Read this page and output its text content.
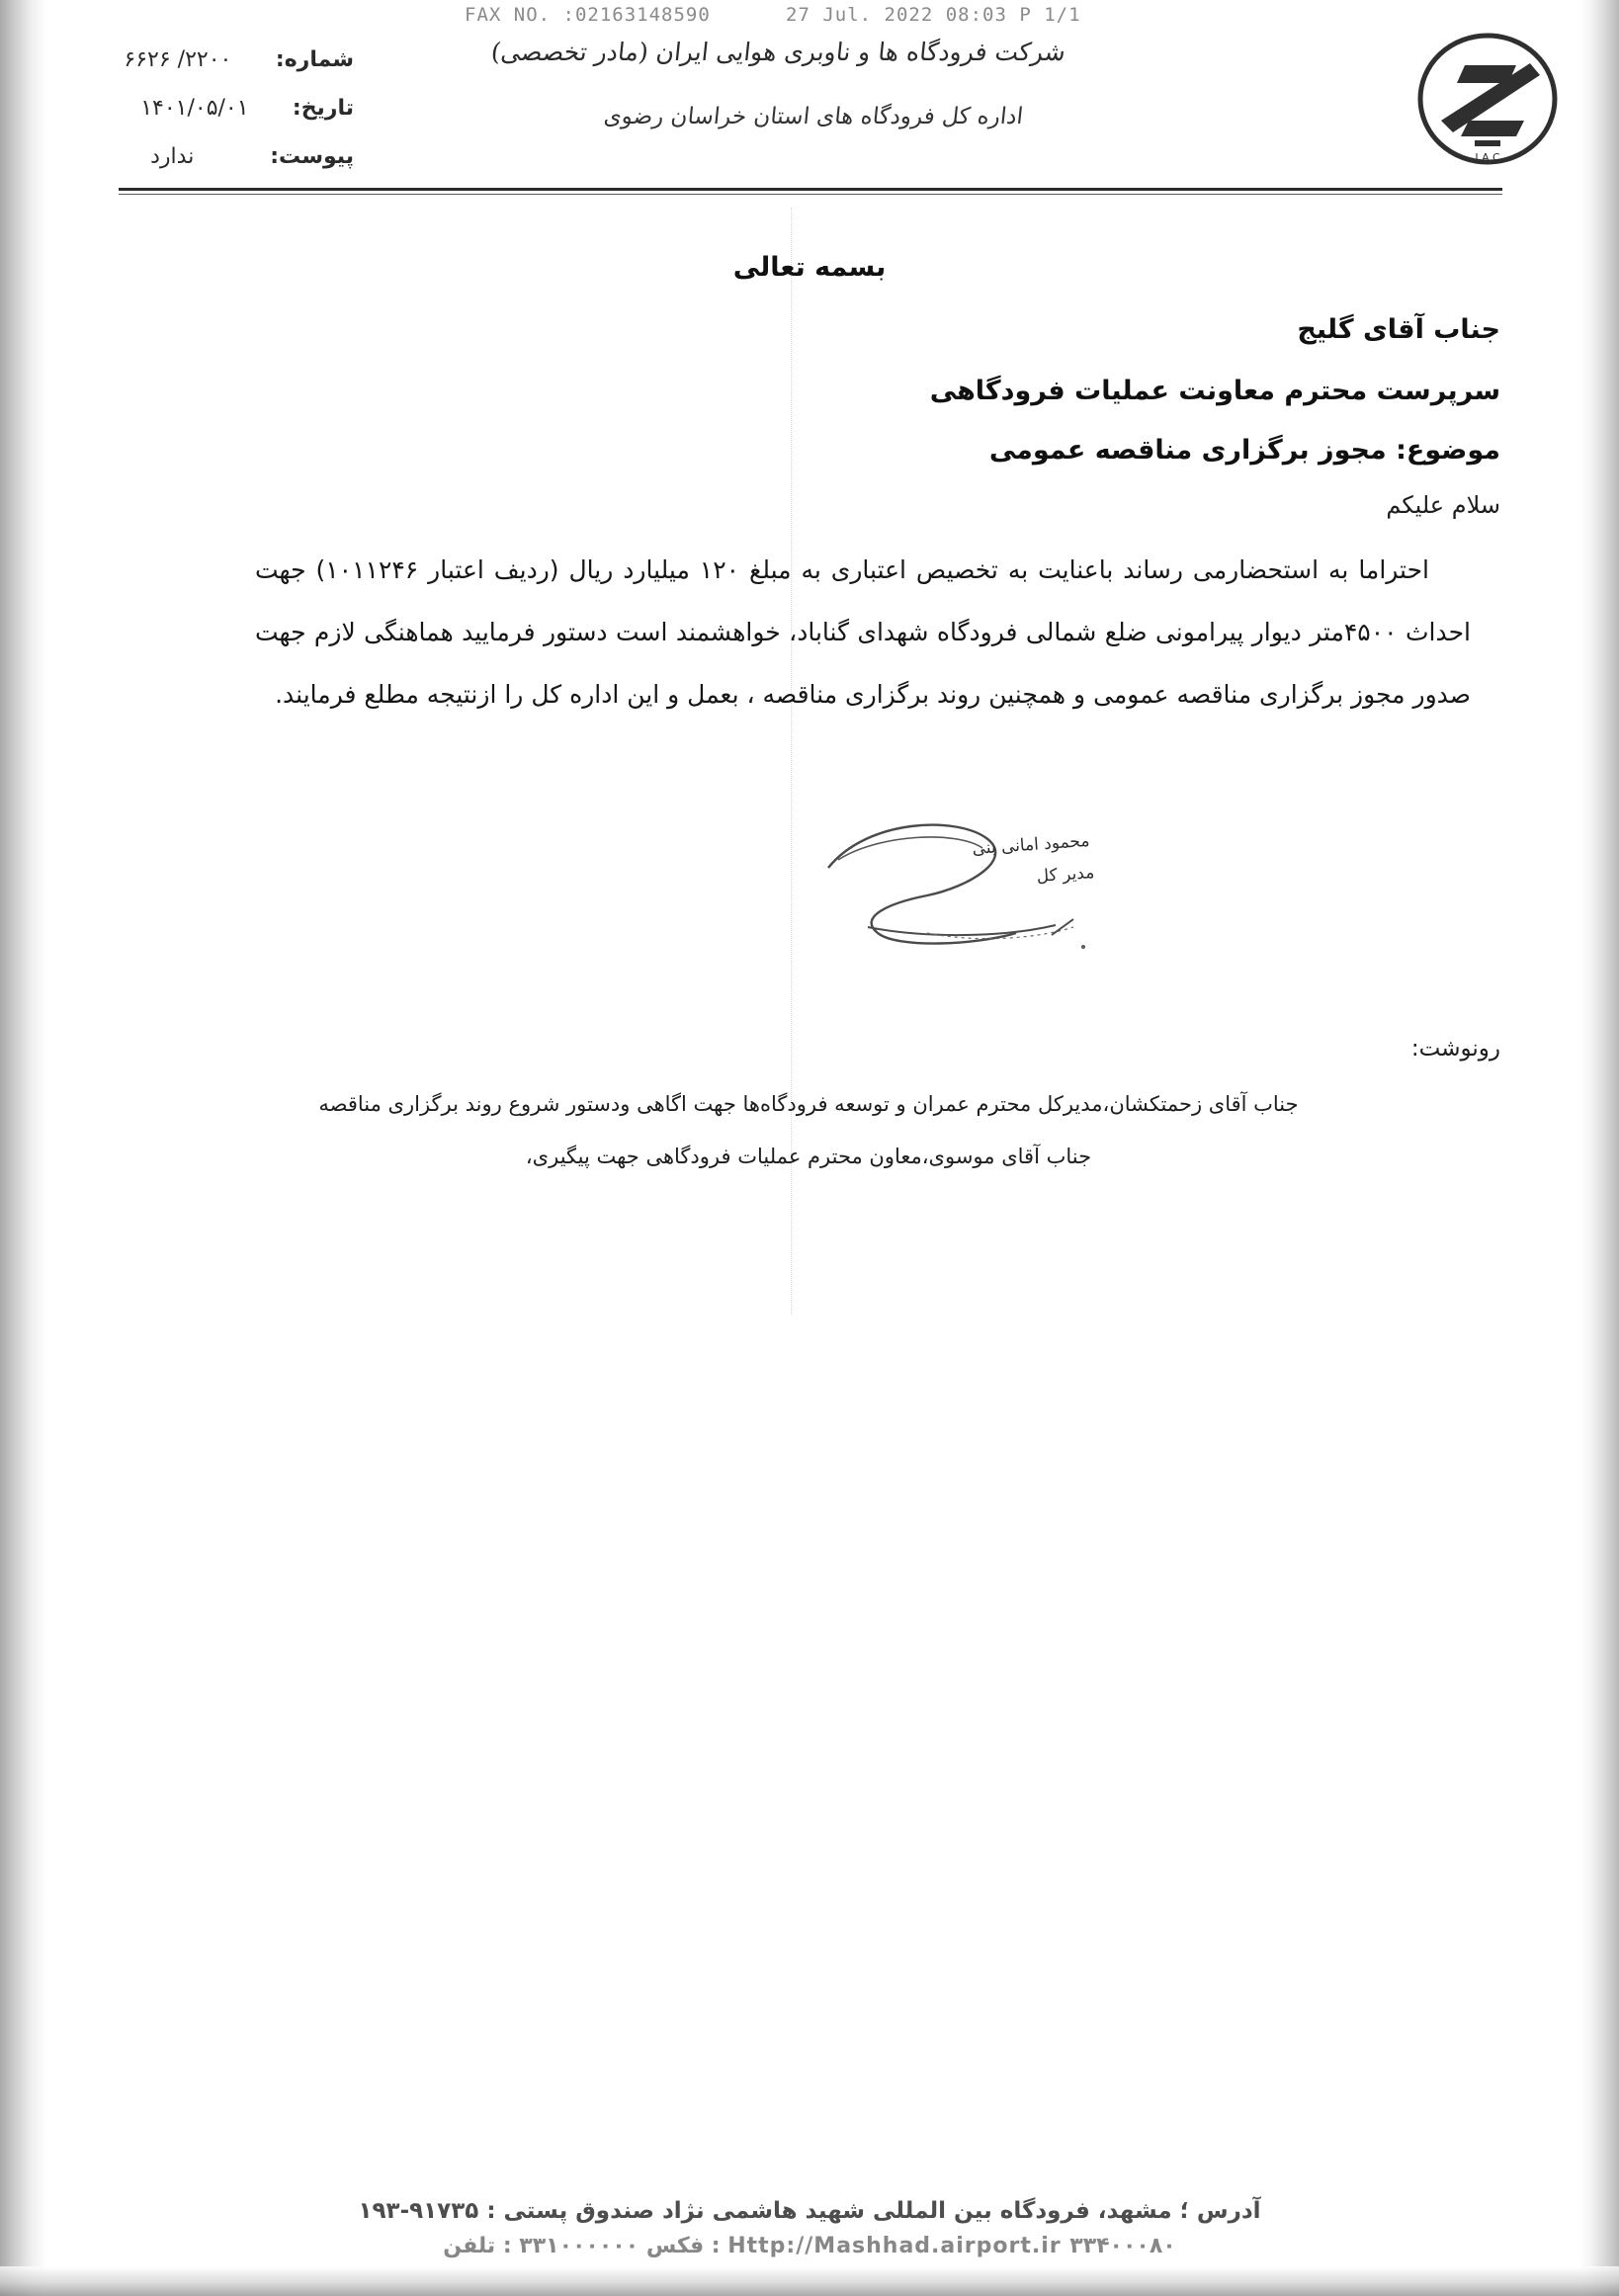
FAX NO. :02163148590	27 Jul. 2022 08:03 P 1/1
شماره:
۲۲۰۰/ ۶۶۲۶
تاریخ:
۱۴۰۱/۰۵/۰۱
پیوست:
ندارد
شرکت فرودگاه ها و ناوبری هوایی ایران (مادر تخصصی)
اداره کل فرودگاه های استان خراسان رضوی
I.A.C
بسمه تعالی
جناب آقای گلیج
سرپرست محترم معاونت عملیات فرودگاهی
موضوع: مجوز برگزاری مناقصه عمومی
سلام علیکم
احتراما به استحضارمی رساند باعنایت به تخصیص اعتباری به مبلغ ۱۲۰ میلیارد ریال (ردیف اعتبار ۱۰۱۱۲۴۶) جهت احداث ۴۵۰۰متر دیوار پیرامونی ضلع شمالی فرودگاه شهدای گناباد، خواهشمند است دستور فرمایید هماهنگی لازم جهت صدور مجوز برگزاری مناقصه عمومی و همچنین روند برگزاری مناقصه ، بعمل و این اداره کل را ازنتیجه مطلع فرمایند.
محمود امانی بنی
مدیر کل
رونوشت:
جناب آقای زحمتکشان،مدیرکل محترم عمران و توسعه فرودگاه‌ها جهت اگاهی ودستور شروع روند برگزاری مناقصه
جناب آقای موسوی،معاون محترم عملیات فرودگاهی جهت پیگیری،
آدرس ؛ مشهد، فرودگاه بین المللی شهید هاشمی نژاد صندوق پستی : ۹۱۷۳۵-۱۹۳
Http://Mashhad.airport.ir ۳۳۴۰۰۰۸۰ : فکس ۳۳۱۰۰۰۰۰۰ : تلفن
